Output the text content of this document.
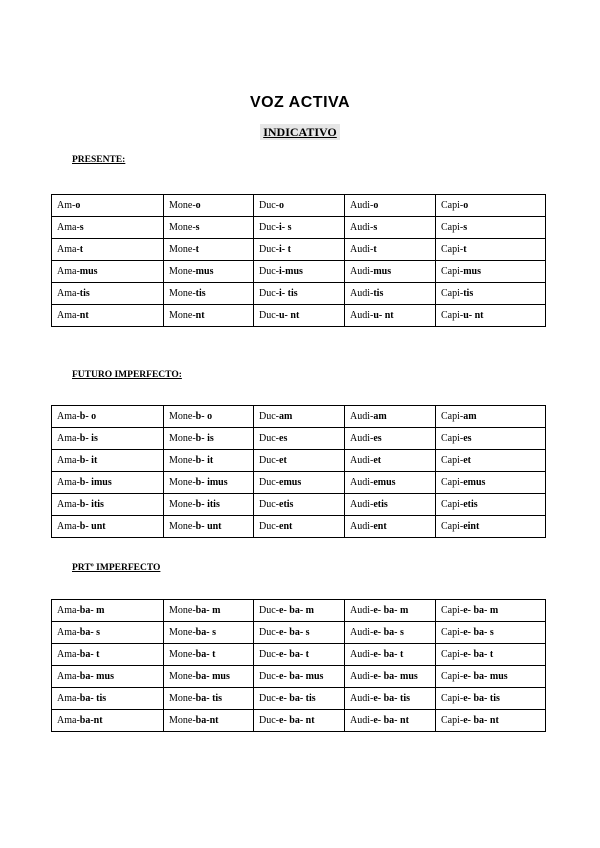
VOZ ACTIVA
INDICATIVO
PRESENTE:
Am-o	Mone-o	Duc-o	Audi-o	Capi-o
Ama-s	Mone-s	Duc-i- s	Audi-s	Capi-s
Ama-t	Mone-t	Duc-i- t	Audi-t	Capi-t
Ama-mus	Mone-mus	Duc-i-mus	Audi-mus	Capi-mus
Ama-tis	Mone-tis	Duc-i- tis	Audi-tis	Capi-tis
Ama-nt	Mone-nt	Duc-u- nt	Audi-u- nt	Capi-u- nt
FUTURO IMPERFECTO:
Ama-b- o	Mone-b- o	Duc-am	Audi-am	Capi-am
Ama-b- is	Mone-b- is	Duc-es	Audi-es	Capi-es
Ama-b- it	Mone-b- it	Duc-et	Audi-et	Capi-et
Ama-b- imus	Mone-b- imus	Duc-emus	Audi-emus	Capi-emus
Ama-b- itis	Mone-b- itis	Duc-etis	Audi-etis	Capi-etis
Ama-b- unt	Mone-b- unt	Duc-ent	Audi-ent	Capi-eint
PRTº IMPERFECTO
Ama-ba- m	Mone-ba- m	Duc-e- ba- m	Audi-e- ba- m	Capi-e- ba- m
Ama-ba- s	Mone-ba- s	Duc-e- ba- s	Audi-e- ba- s	Capi-e- ba- s
Ama-ba- t	Mone-ba- t	Duc-e- ba- t	Audi-e- ba- t	Capi-e- ba- t
Ama-ba- mus	Mone-ba- mus	Duc-e- ba- mus	Audi-e- ba- mus	Capi-e- ba- mus
Ama-ba- tis	Mone-ba- tis	Duc-e- ba- tis	Audi-e- ba- tis	Capi-e- ba- tis
Ama-ba-nt	Mone-ba-nt	Duc-e- ba- nt	Audi-e- ba- nt	Capi-e- ba- nt
